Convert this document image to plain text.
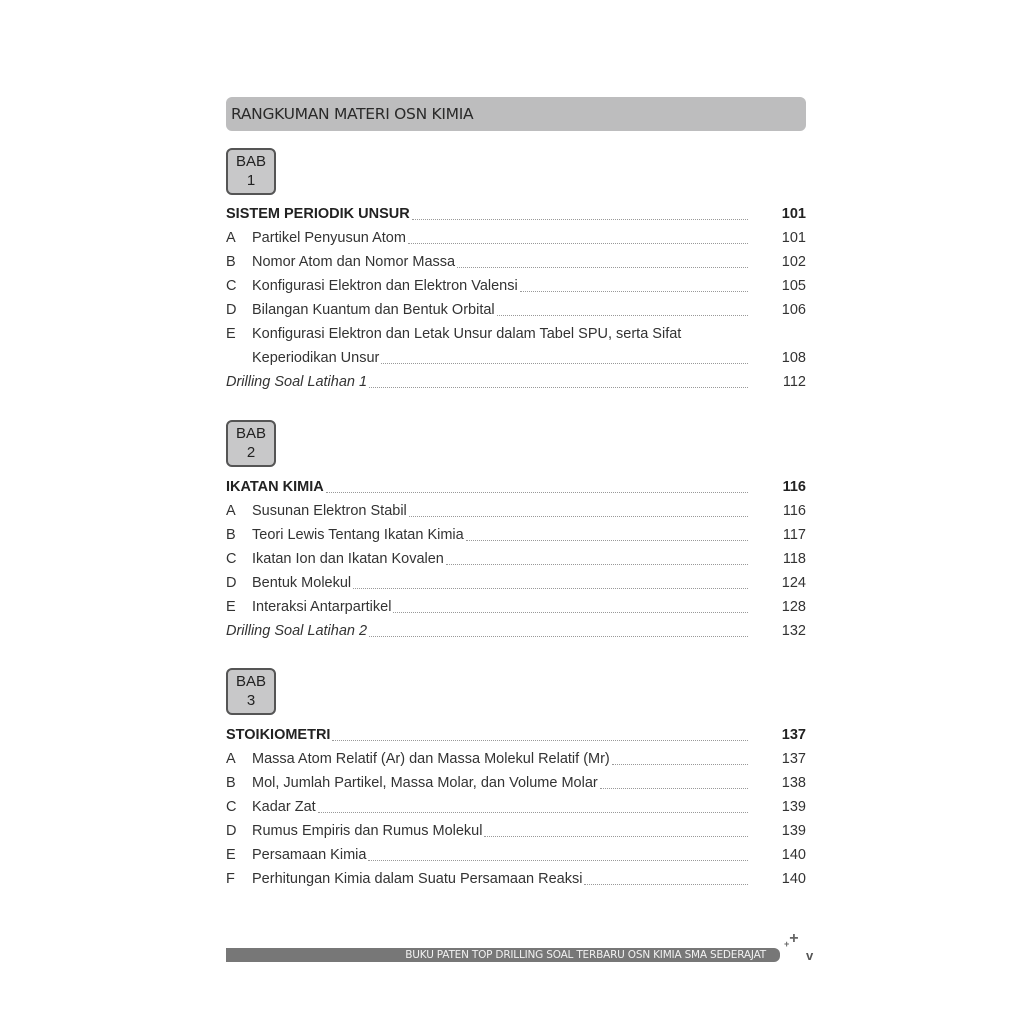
RANGKUMAN MATERI OSN KIMIA
BAB
1
SISTEM PERIODIK UNSUR	101
A	Partikel Penyusun Atom	101
B	Nomor Atom dan Nomor Massa	102
C	Konfigurasi Elektron dan Elektron Valensi	105
D	Bilangan Kuantum dan Bentuk Orbital	106
E	Konfigurasi Elektron dan Letak Unsur dalam Tabel SPU, serta Sifat
Keperiodikan Unsur	108
Drilling Soal Latihan 1	112
BAB
2
IKATAN KIMIA	116
A	Susunan Elektron Stabil	116
B	Teori Lewis Tentang Ikatan Kimia	117
C	Ikatan Ion dan Ikatan Kovalen	118
D	Bentuk Molekul	124
E	Interaksi Antarpartikel	128
Drilling Soal Latihan 2	132
BAB
3
STOIKIOMETRI	137
A	Massa Atom Relatif (Ar) dan Massa Molekul Relatif (Mr)	137
B	Mol, Jumlah Partikel, Massa Molar, dan Volume Molar	138
C	Kadar Zat	139
D	Rumus Empiris dan Rumus Molekul	139
E	Persamaan Kimia	140
F	Perhitungan Kimia dalam Suatu Persamaan Reaksi	140
BUKU PATEN TOP DRILLING SOAL TERBARU OSN KIMIA SMA SEDERAJAT
$_+$+
v
